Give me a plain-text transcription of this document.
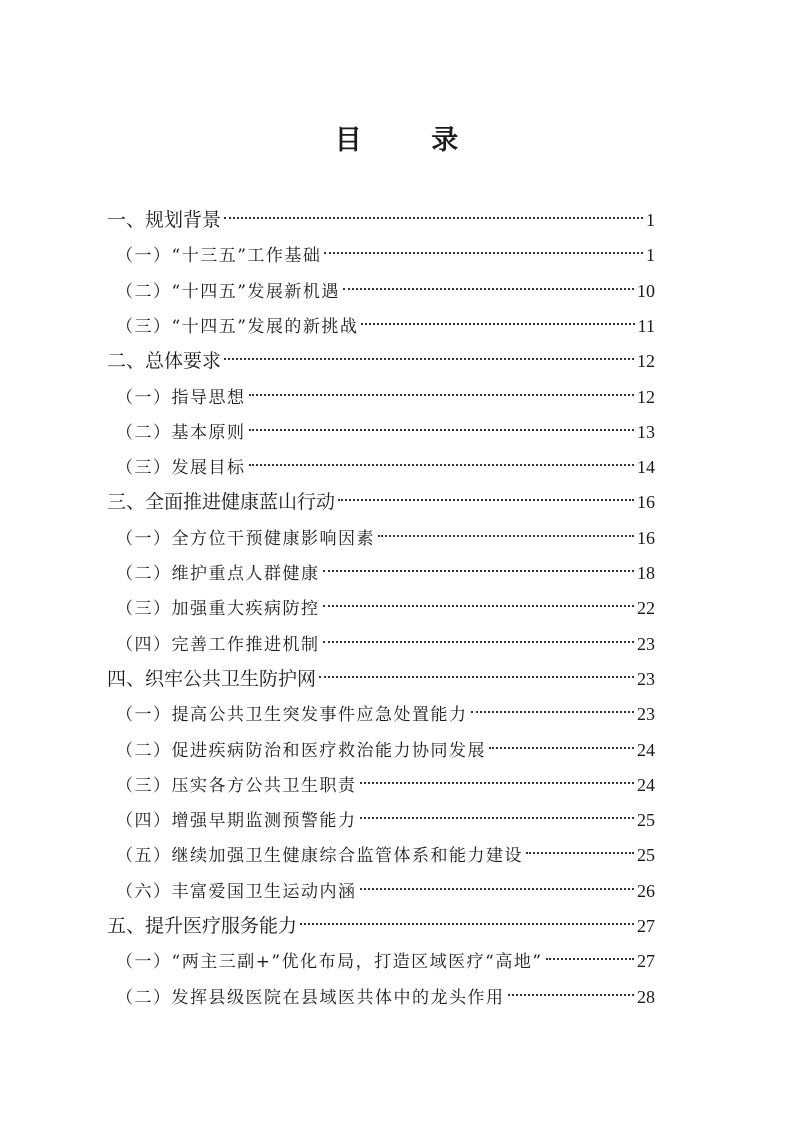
目 录
一、规划背景	1
（一）“十三五”工作基础	1
（二）“十四五”发展新机遇	10
（三）“十四五”发展的新挑战	11
二、总体要求	12
（一）指导思想	12
（二）基本原则	13
（三）发展目标	14
三、全面推进健康蓝山行动	16
（一）全方位干预健康影响因素	16
（二）维护重点人群健康	18
（三）加强重大疾病防控	22
（四）完善工作推进机制	23
四、织牢公共卫生防护网	23
（一）提高公共卫生突发事件应急处置能力	23
（二）促进疾病防治和医疗救治能力协同发展	24
（三）压实各方公共卫生职责	24
（四）增强早期监测预警能力	25
（五）继续加强卫生健康综合监管体系和能力建设	25
（六）丰富爱国卫生运动内涵	26
五、提升医疗服务能力	27
（一）“两主三副+”优化布局，打造区域医疗“高地”	27
（二）发挥县级医院在县域医共体中的龙头作用	28
